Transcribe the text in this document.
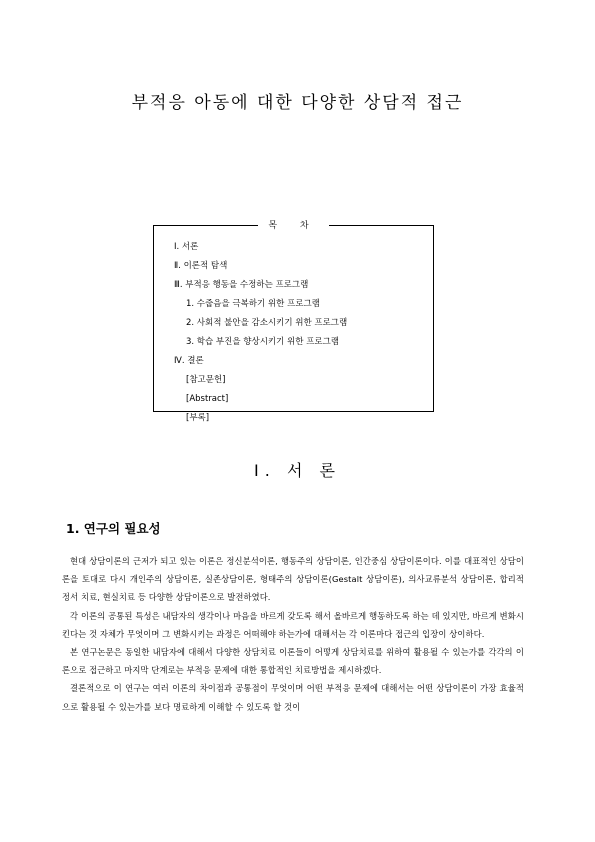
부적응 아동에 대한 다양한 상담적 접근
목 차
Ⅰ. 서론
Ⅱ. 이론적 탐색
Ⅲ. 부적응 행동을 수정하는 프로그램
1. 수줍음을 극복하기 위한 프로그램
2. 사회적 불안을 감소시키기 위한 프로그램
3. 학습 부진을 향상시키기 위한 프로그램
Ⅳ. 결론
[참고문헌]
[Abstract]
[부록]
Ⅰ. 서 론
1. 연구의 필요성

현대 상담이론의 근저가 되고 있는 이론은 정신분석이론, 행동주의 상담이론, 인간중심 상담이론이다. 이를 대표적인 상담이론을 토대로 다시 개인주의 상담이론, 실존상담이론, 형태주의 상담이론(Gestalt 상담이론), 의사교류분석 상담이론, 합리적 정서 치료, 현실치료 등 다양한 상담이론으로 발전하였다.

각 이론의 공통된 특성은 내담자의 생각이나 마음을 바르게 갖도록 해서 올바르게 행동하도록 하는 데 있지만, 바르게 변화시킨다는 것 자체가 무엇이며 그 변화시키는 과정은 어떠해야 하는가에 대해서는 각 이론마다 접근의 입장이 상이하다.

본 연구논문은 동일한 내담자에 대해서 다양한 상담치료 이론들이 어떻게 상담치료를 위하여 활용될 수 있는가를 각각의 이론으로 접근하고 마지막 단계로는 부적응 문제에 대한 통합적인 치료방법을 제시하겠다.

결론적으로 이 연구는 여러 이론의 차이점과 공통점이 무엇이며 어떤 부적응 문제에 대해서는 어떤 상담이론이 가장 효율적으로 활용될 수 있는가를 보다 명료하게 이해할 수 있도록 할 것이
